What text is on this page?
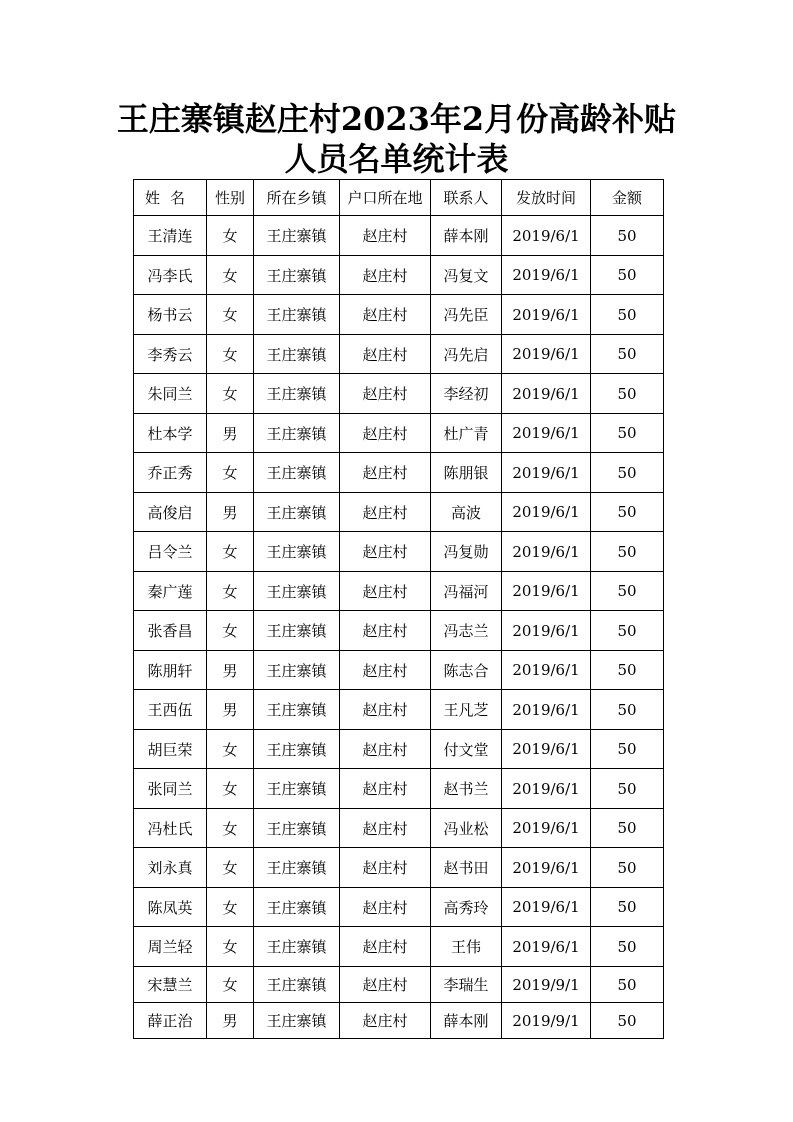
王庄寨镇赵庄村2023年2月份高龄补贴
人员名单统计表
姓名	性别	所在乡镇	户口所在地	联系人	发放时间	金额
王清连	女	王庄寨镇	赵庄村	薛本刚	2019/6/1	50
冯李氏	女	王庄寨镇	赵庄村	冯复文	2019/6/1	50
杨书云	女	王庄寨镇	赵庄村	冯先臣	2019/6/1	50
李秀云	女	王庄寨镇	赵庄村	冯先启	2019/6/1	50
朱同兰	女	王庄寨镇	赵庄村	李经初	2019/6/1	50
杜本学	男	王庄寨镇	赵庄村	杜广青	2019/6/1	50
乔正秀	女	王庄寨镇	赵庄村	陈朋银	2019/6/1	50
高俊启	男	王庄寨镇	赵庄村	高波	2019/6/1	50
吕令兰	女	王庄寨镇	赵庄村	冯复勋	2019/6/1	50
秦广莲	女	王庄寨镇	赵庄村	冯福河	2019/6/1	50
张香昌	女	王庄寨镇	赵庄村	冯志兰	2019/6/1	50
陈朋轩	男	王庄寨镇	赵庄村	陈志合	2019/6/1	50
王西伍	男	王庄寨镇	赵庄村	王凡芝	2019/6/1	50
胡巨荣	女	王庄寨镇	赵庄村	付文堂	2019/6/1	50
张同兰	女	王庄寨镇	赵庄村	赵书兰	2019/6/1	50
冯杜氏	女	王庄寨镇	赵庄村	冯业松	2019/6/1	50
刘永真	女	王庄寨镇	赵庄村	赵书田	2019/6/1	50
陈凤英	女	王庄寨镇	赵庄村	高秀玲	2019/6/1	50
周兰轻	女	王庄寨镇	赵庄村	王伟	2019/6/1	50
宋慧兰	女	王庄寨镇	赵庄村	李瑞生	2019/9/1	50
薛正治	男	王庄寨镇	赵庄村	薛本刚	2019/9/1	50
